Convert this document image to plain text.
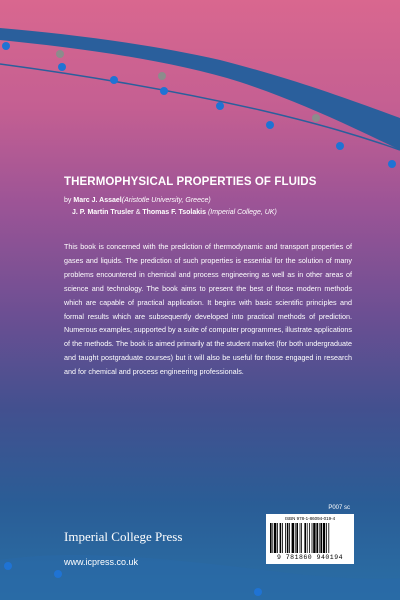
THERMOPHYSICAL PROPERTIES OF FLUIDS
by Marc J. Assael(Aristotle University, Greece)
J. P. Martin Trusler & Thomas F. Tsolakis (Imperial College, UK)
This book is concerned with the prediction of thermodynamic and transport properties of gases and liquids. The prediction of such properties is essential for the solution of many problems encountered in chemical and process engineering as well as in other areas of science and technology. The book aims to present the best of those modern methods which are capable of practical application. It begins with basic scientific principles and formal results which are subsequently developed into practical methods of prediction. Numerous examples, supported by a suite of computer programmes, illustrate applications of the methods. The book is aimed primarily at the student market (for both undergraduate and taught postgraduate courses) but it will also be useful for those engaged in research and for chemical and process engineering professionals.
P007 sc
Imperial College Press
www.icpress.co.uk
ISBN 978-1-86094-019-4
9 781860 940194
